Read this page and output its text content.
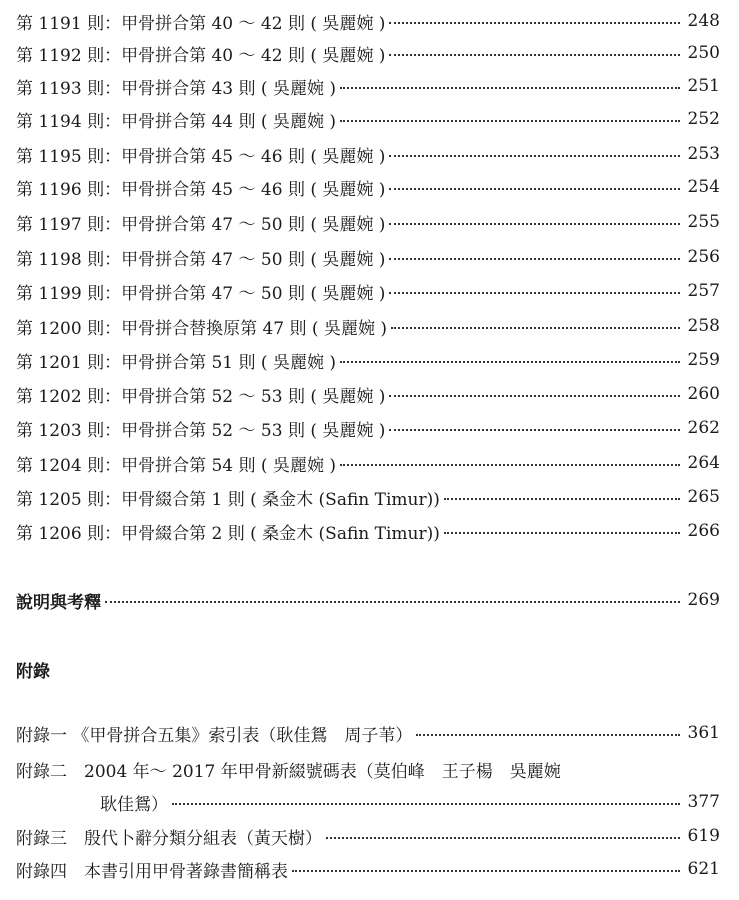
第 1191 則：甲骨拼合第 40 ～ 42 則 ( 吳麗婉 )	248
第 1192 則：甲骨拼合第 40 ～ 42 則 ( 吳麗婉 )	250
第 1193 則：甲骨拼合第 43 則 ( 吳麗婉 )	251
第 1194 則：甲骨拼合第 44 則 ( 吳麗婉 )	252
第 1195 則：甲骨拼合第 45 ～ 46 則 ( 吳麗婉 )	253
第 1196 則：甲骨拼合第 45 ～ 46 則 ( 吳麗婉 )	254
第 1197 則：甲骨拼合第 47 ～ 50 則 ( 吳麗婉 )	255
第 1198 則：甲骨拼合第 47 ～ 50 則 ( 吳麗婉 )	256
第 1199 則：甲骨拼合第 47 ～ 50 則 ( 吳麗婉 )	257
第 1200 則：甲骨拼合替換原第 47 則 ( 吳麗婉 )	258
第 1201 則：甲骨拼合第 51 則 ( 吳麗婉 )	259
第 1202 則：甲骨拼合第 52 ～ 53 則 ( 吳麗婉 )	260
第 1203 則：甲骨拼合第 52 ～ 53 則 ( 吳麗婉 )	262
第 1204 則：甲骨拼合第 54 則 ( 吳麗婉 )	264
第 1205 則：甲骨綴合第 1 則 ( 桑金木 (Safin Timur))	265
第 1206 則：甲骨綴合第 2 則 ( 桑金木 (Safin Timur))	266
說明與考釋	269
附錄
附錄一 《甲骨拼合五集》索引表（耿佳鴛　周子苇）	361
附錄二　2004 年～ 2017 年甲骨新綴號碼表（莫伯峰　王子楊　吳麗婉
耿佳鴛）	377
附錄三　殷代卜辭分類分組表（黃天樹）	619
附錄四　本書引用甲骨著錄書簡稱表	621
